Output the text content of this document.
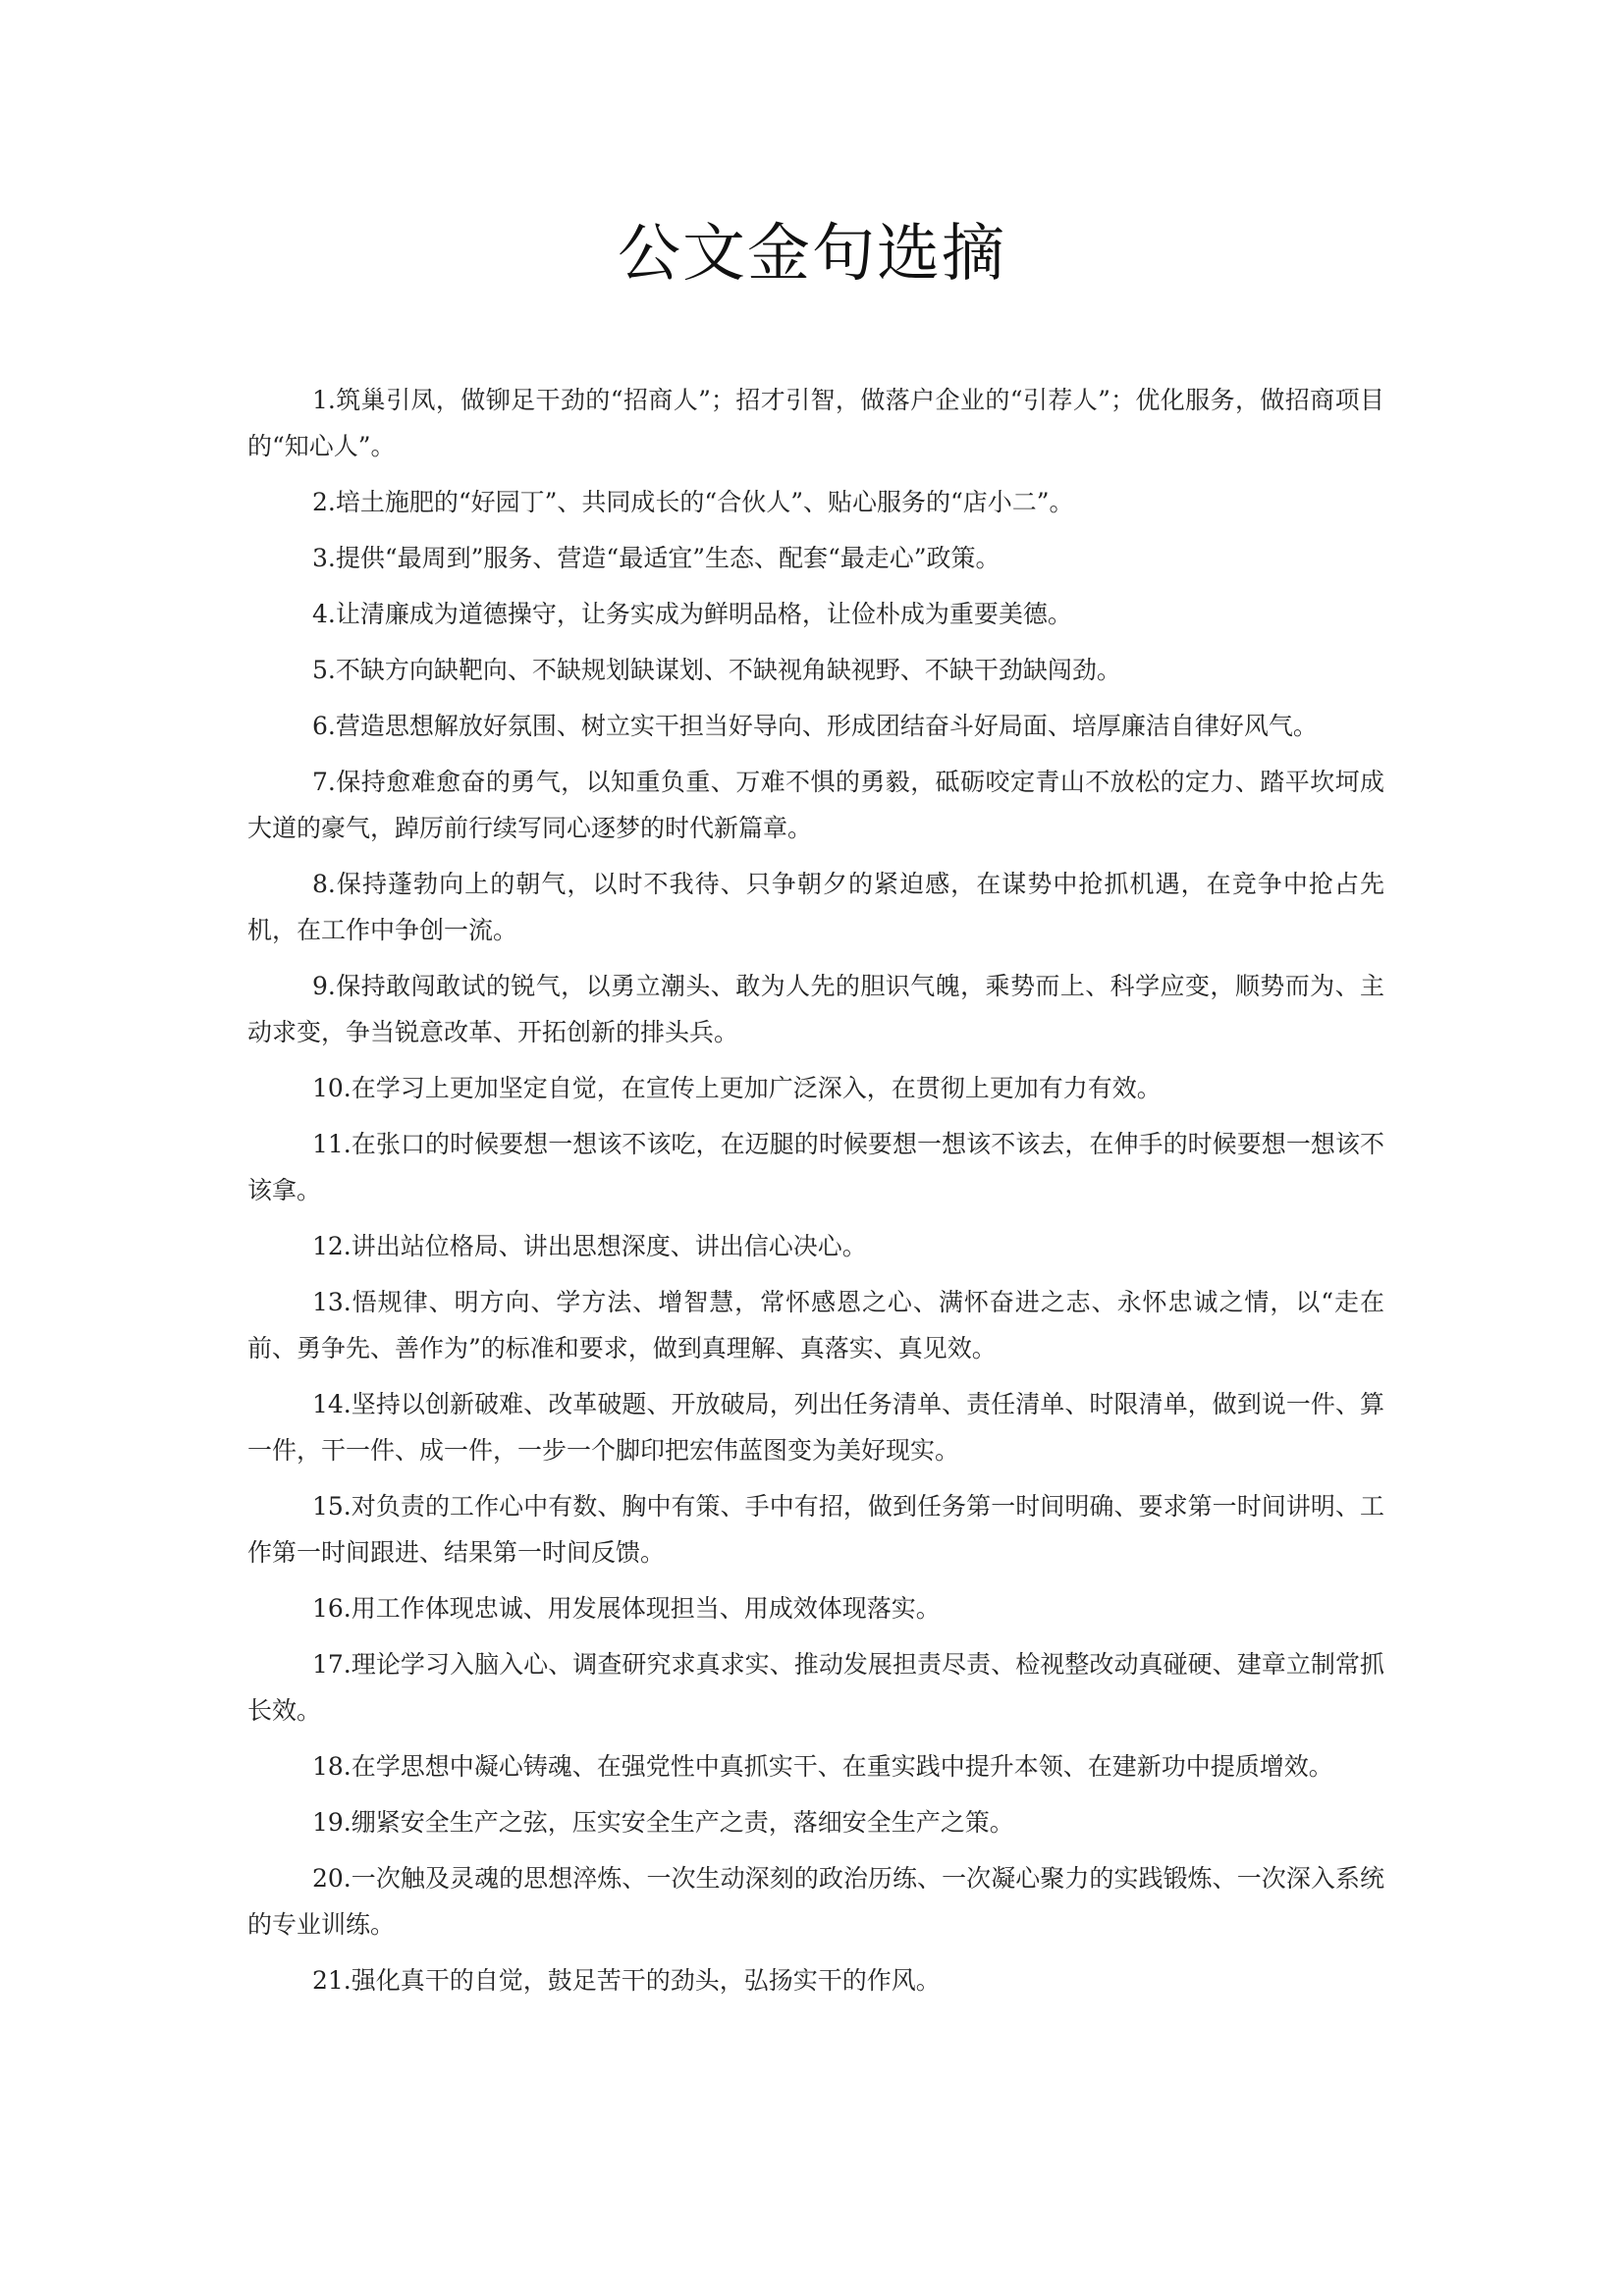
公文金句选摘

1.筑巢引凤，做铆足干劲的“招商人”；招才引智，做落户企业的“引荐人”；优化服务，做招商项目的“知心人”。

2.培土施肥的“好园丁”、共同成长的“合伙人”、贴心服务的“店小二”。

3.提供“最周到”服务、营造“最适宜”生态、配套“最走心”政策。

4.让清廉成为道德操守，让务实成为鲜明品格，让俭朴成为重要美德。

5.不缺方向缺靶向、不缺规划缺谋划、不缺视角缺视野、不缺干劲缺闯劲。

6.营造思想解放好氛围、树立实干担当好导向、形成团结奋斗好局面、培厚廉洁自律好风气。

7.保持愈难愈奋的勇气，以知重负重、万难不惧的勇毅，砥砺咬定青山不放松的定力、踏平坎坷成大道的豪气，踔厉前行续写同心逐梦的时代新篇章。

8.保持蓬勃向上的朝气，以时不我待、只争朝夕的紧迫感，在谋势中抢抓机遇，在竞争中抢占先机，在工作中争创一流。

9.保持敢闯敢试的锐气，以勇立潮头、敢为人先的胆识气魄，乘势而上、科学应变，顺势而为、主动求变，争当锐意改革、开拓创新的排头兵。

10.在学习上更加坚定自觉，在宣传上更加广泛深入，在贯彻上更加有力有效。

11.在张口的时候要想一想该不该吃，在迈腿的时候要想一想该不该去，在伸手的时候要想一想该不该拿。

12.讲出站位格局、讲出思想深度、讲出信心决心。

13.悟规律、明方向、学方法、增智慧，常怀感恩之心、满怀奋进之志、永怀忠诚之情，以“走在前、勇争先、善作为”的标准和要求，做到真理解、真落实、真见效。

14.坚持以创新破难、改革破题、开放破局，列出任务清单、责任清单、时限清单，做到说一件、算一件，干一件、成一件，一步一个脚印把宏伟蓝图变为美好现实。

15.对负责的工作心中有数、胸中有策、手中有招，做到任务第一时间明确、要求第一时间讲明、工作第一时间跟进、结果第一时间反馈。

16.用工作体现忠诚、用发展体现担当、用成效体现落实。

17.理论学习入脑入心、调查研究求真求实、推动发展担责尽责、检视整改动真碰硬、建章立制常抓长效。

18.在学思想中凝心铸魂、在强党性中真抓实干、在重实践中提升本领、在建新功中提质增效。

19.绷紧安全生产之弦，压实安全生产之责，落细安全生产之策。

20.一次触及灵魂的思想淬炼、一次生动深刻的政治历练、一次凝心聚力的实践锻炼、一次深入系统的专业训练。

21.强化真干的自觉，鼓足苦干的劲头，弘扬实干的作风。
